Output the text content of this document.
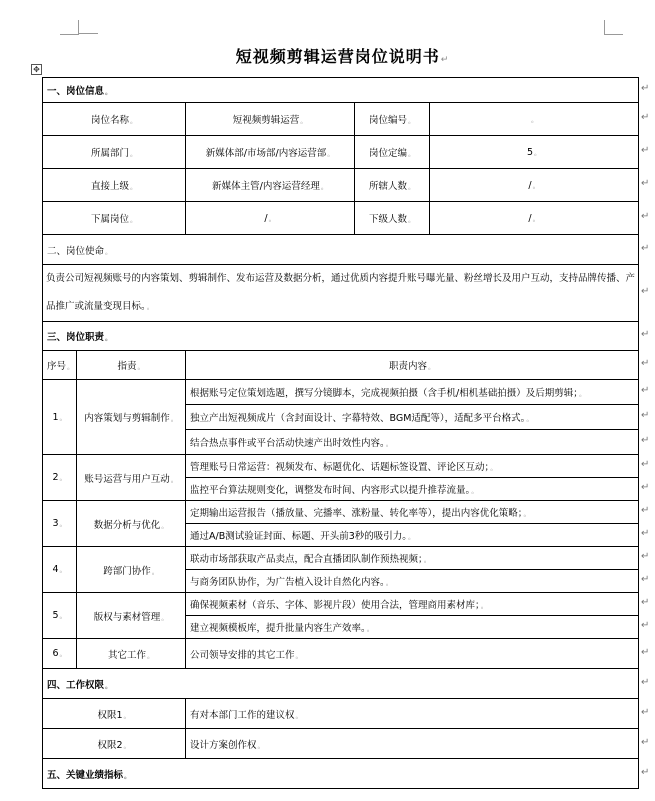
短视频剪辑运营岗位说明书↵
✥
一、岗位信息。				
岗位名称。		短视频剪辑运营。	岗位编号。	。
所属部门。		新媒体部/市场部/内容运营部。	岗位定编。	5。
直接上级。		新媒体主管/内容运营经理。	所辖人数。	/。
下属岗位。		/。	下级人数。	/。
二、岗位使命。				
负责公司短视频账号的内容策划、剪辑制作、发布运营及数据分析，通过优质内容提升账号曝光量、粉丝增长及用户互动，支持品牌传播、产品推广或流量变现目标。。				
三、岗位职责。				
序号。	指责。	职责内容。		
1。	内容策划与剪辑制作。	根据账号定位策划选题，撰写分镜脚本，完成视频拍摄（含手机/相机基础拍摄）及后期剪辑；。		
		独立产出短视频成片（含封面设计、字幕特效、BGM适配等），适配多平台格式。。		
		结合热点事件或平台活动快速产出时效性内容。。		
2。	账号运营与用户互动。	管理账号日常运营：视频发布、标题优化、话题标签设置、评论区互动；。		
		监控平台算法规则变化，调整发布时间、内容形式以提升推荐流量。。		
3。	数据分析与优化。	定期输出运营报告（播放量、完播率、涨粉量、转化率等），提出内容优化策略；。		
		通过A/B测试验证封面、标题、开头前3秒的吸引力。。		
4。	跨部门协作。	联动市场部获取产品卖点，配合直播团队制作预热视频；。		
		与商务团队协作，为广告植入设计自然化内容。。		
5。	版权与素材管理。	确保视频素材（音乐、字体、影视片段）使用合法，管理商用素材库；。		
		建立视频模板库，提升批量内容生产效率。。		
6。	其它工作。	公司领导安排的其它工作。		
四、工作权限。				
权限1。		有对本部门工作的建议权。		
权限2。		设计方案创作权。		
五、关键业绩指标。				
↵
↵
↵
↵
↵
↵
↵
↵
↵
↵
↵
↵
↵
↵
↵
↵
↵
↵
↵
↵
↵
↵
↵
↵
↵
